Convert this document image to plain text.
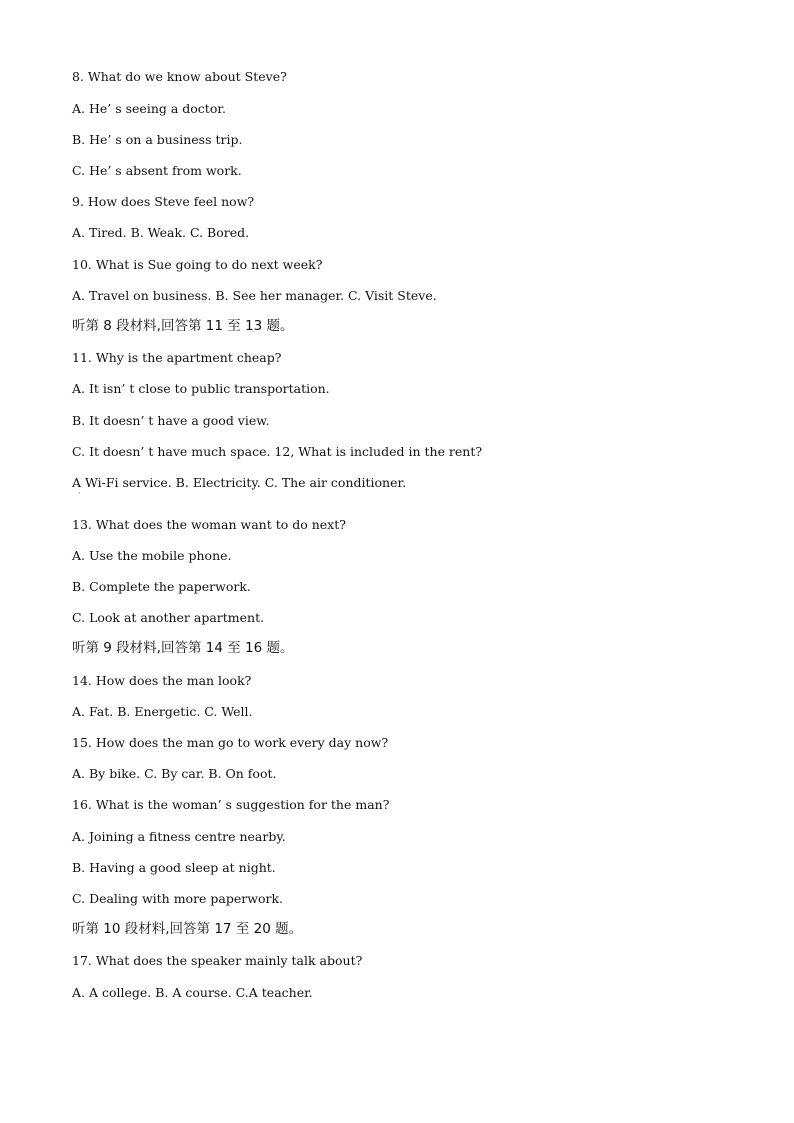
8. What do we know about Steve?

A. He’ s seeing a doctor.

B. He’ s on a business trip.

C. He’ s absent from work.

9. How does Steve feel now?

A. Tired. B. Weak. C. Bored.

10. What is Sue going to do next week?

A. Travel on business. B. See her manager. C. Visit Steve.

听第 8 段材料,回答第 11 至 13 题。

11. Why is the apartment cheap?

A. It isn’ t close to public transportation.

B. It doesn’ t have a good view.

C. It doesn’ t have much space. 12, What is included in the rent?

A Wi-Fi service. B. Electricity. C. The air conditioner.

·

13. What does the woman want to do next?

A. Use the mobile phone.

B. Complete the paperwork.

C. Look at another apartment.

听第 9 段材料,回答第 14 至 16 题。

14. How does the man look?

A. Fat. B. Energetic. C. Well.

15. How does the man go to work every day now?

A. By bike. C. By car. B. On foot.

16. What is the woman’ s suggestion for the man?

A. Joining a fitness centre nearby.

B. Having a good sleep at night.

C. Dealing with more paperwork.

听第 10 段材料,回答第 17 至 20 题。

17. What does the speaker mainly talk about?

A. A college. B. A course. C.A teacher.
